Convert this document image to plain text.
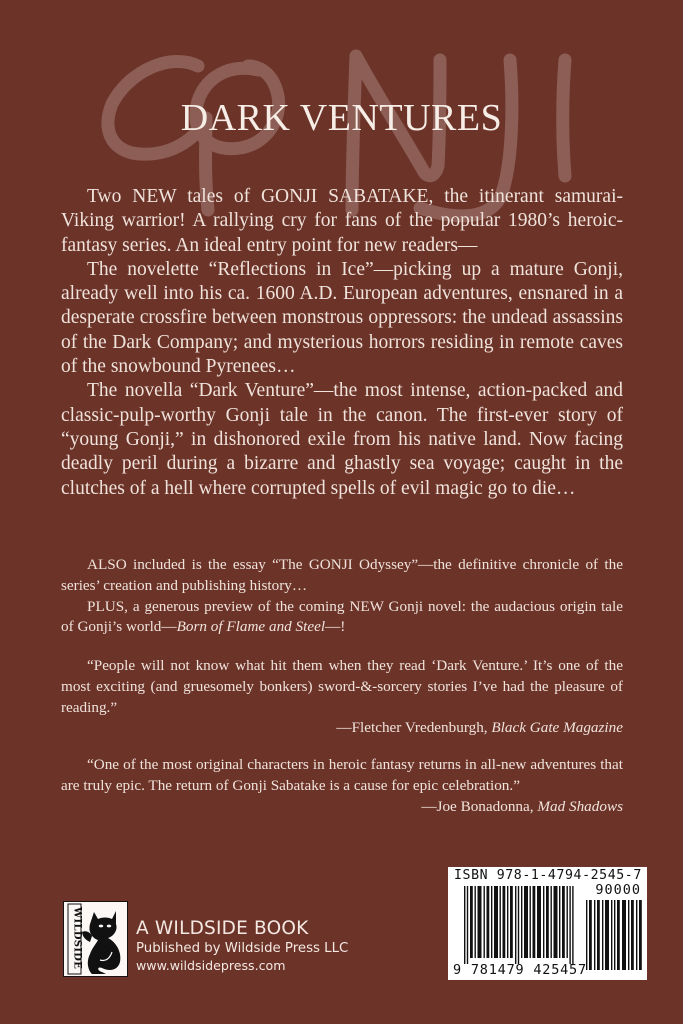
DARK VENTURES

Two NEW tales of GONJI SABATAKE, the itinerant samurai-Viking warrior! A rallying cry for fans of the popular 1980’s heroic-fantasy series. An ideal entry point for new readers—

The novelette “Reflections in Ice”—picking up a mature Gonji, already well into his ca. 1600 A.D. European adventures, ensnared in a desperate crossfire between monstrous oppressors: the undead assassins of the Dark Company; and mysterious horrors residing in remote caves of the snowbound Pyrenees…

The novella “Dark Venture”—the most intense, action-packed and classic-pulp-worthy Gonji tale in the canon. The first-ever story of “young Gonji,” in dishonored exile from his native land. Now facing deadly peril during a bizarre and ghastly sea voyage; caught in the clutches of a hell where corrupted spells of evil magic go to die…

ALSO included is the essay “The GONJI Odyssey”—the definitive chronicle of the series’ creation and publishing history…

PLUS, a generous preview of the coming NEW Gonji novel: the audacious origin tale of Gonji’s world—Born of Flame and Steel—!

“People will not know what hit them when they read ‘Dark Venture.’ It’s one of the most exciting (and gruesomely bonkers) sword-&-sorcery stories I’ve had the pleasure of reading.”

—Fletcher Vredenburgh, Black Gate Magazine

“One of the most original characters in heroic fantasy returns in all-new adventures that are truly epic. The return of Gonji Sabatake is a cause for epic celebration.”

—Joe Bonadonna, Mad Shadows

WILDSIDE	A WILDSIDE BOOK
Published by Wildside Press LLC
www.wildsidepress.com
ISBN 978-1-4794-2545-7
90000
9 781479 425457
